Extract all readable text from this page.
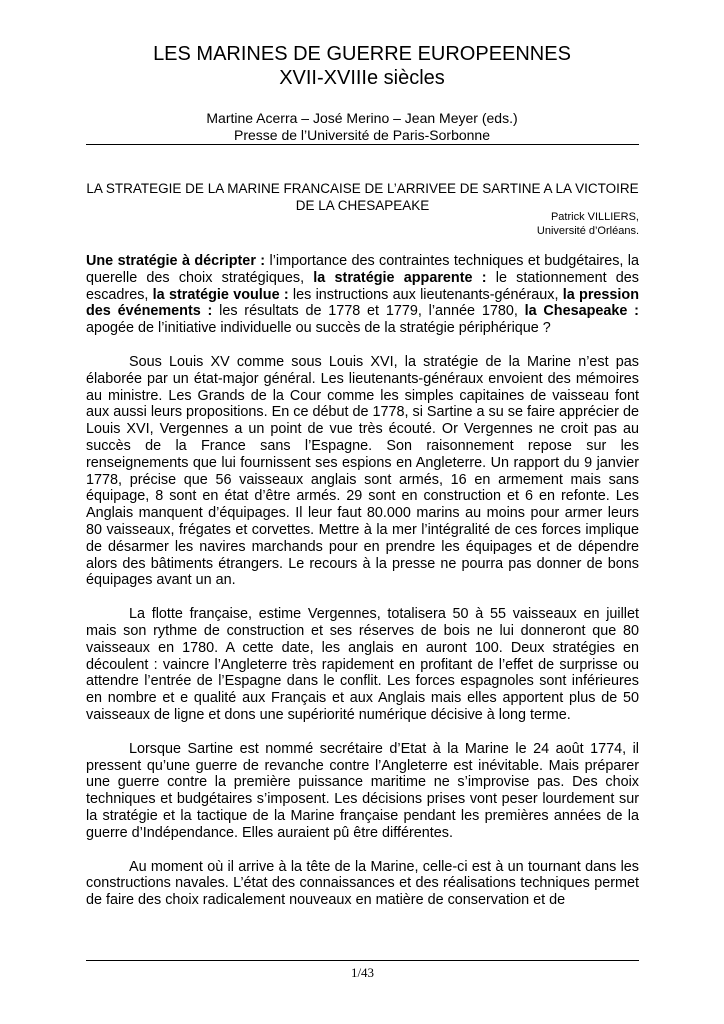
LES MARINES DE GUERRE EUROPEENNES
XVII-XVIIIe siècles
Martine Acerra – José Merino – Jean Meyer (eds.)
Presse de l’Université de Paris-Sorbonne
LA STRATEGIE DE LA MARINE FRANCAISE DE L’ARRIVEE DE SARTINE A LA VICTOIRE DE LA CHESAPEAKE
Patrick VILLIERS,
Université d’Orléans.

Une stratégie à décripter : l’importance des contraintes techniques et budgétaires, la querelle des choix stratégiques, la stratégie apparente : le stationnement des escadres, la stratégie voulue : les instructions aux lieutenants-généraux, la pression des événements : les résultats de 1778 et 1779, l’année 1780, la Chesapeake : apogée de l’initiative individuelle ou succès de la stratégie périphérique ?

Sous Louis XV comme sous Louis XVI, la stratégie de la Marine n’est pas élaborée par un état-major général. Les lieutenants-généraux envoient des mémoires au ministre. Les Grands de la Cour comme les simples capitaines de vaisseau font aux aussi leurs propositions. En ce début de 1778, si Sartine a su se faire apprécier de Louis XVI, Vergennes a un point de vue très écouté. Or Vergennes ne croit pas au succès de la France sans l’Espagne. Son raisonnement repose sur les renseignements que lui fournissent ses espions en Angleterre. Un rapport du 9 janvier 1778, précise que 56 vaisseaux anglais sont armés, 16 en armement mais sans équipage, 8 sont en état d’être armés. 29 sont en construction et 6 en refonte. Les Anglais manquent d’équipages. Il leur faut 80.000 marins au moins pour armer leurs 80 vaisseaux, frégates et corvettes. Mettre à la mer l’intégralité de ces forces implique de désarmer les navires marchands pour en prendre les équipages et de dépendre alors des bâtiments étrangers. Le recours à la presse ne pourra pas donner de bons équipages avant un an.

La flotte française, estime Vergennes, totalisera 50 à 55 vaisseaux en juillet mais son rythme de construction et ses réserves de bois ne lui donneront que 80 vaisseaux en 1780. A cette date, les anglais en auront 100. Deux stratégies en découlent : vaincre l’Angleterre très rapidement en profitant de l’effet de surprisse ou attendre l’entrée de l’Espagne dans le conflit. Les forces espagnoles sont inférieures en nombre et e qualité aux Français et aux Anglais mais elles apportent plus de 50 vaisseaux de ligne et dons une supériorité numérique décisive à long terme.

Lorsque Sartine est nommé secrétaire d’Etat à la Marine le 24 août 1774, il pressent qu’une guerre de revanche contre l’Angleterre est inévitable. Mais préparer une guerre contre la première puissance maritime ne s’improvise pas. Des choix techniques et budgétaires s’imposent. Les décisions prises vont peser lourdement sur la stratégie et la tactique de la Marine française pendant les premières années de la guerre d’Indépendance. Elles auraient pû être différentes.

Au moment où il arrive à la tête de la Marine, celle-ci est à un tournant dans les constructions navales. L’état des connaissances et des réalisations techniques permet de faire des choix radicalement nouveaux en matière de conservation et de

1/43
